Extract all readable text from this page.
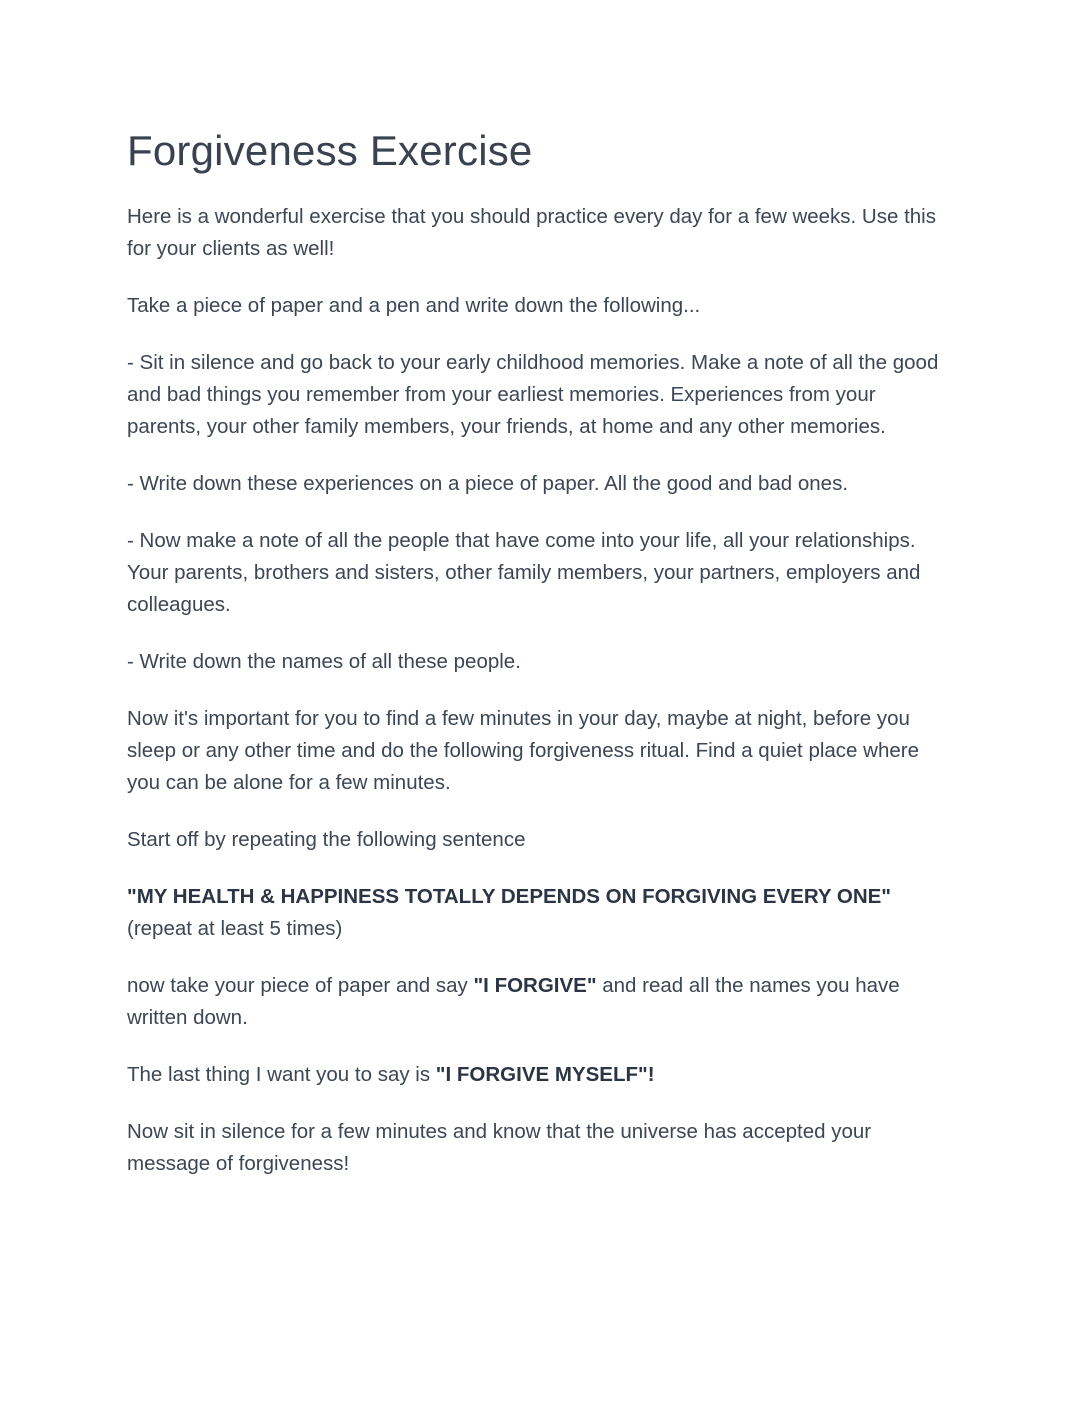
Forgiveness Exercise

Here is a wonderful exercise that you should practice every day for a few weeks. Use this for your clients as well!

Take a piece of paper and a pen and write down the following...

- Sit in silence and go back to your early childhood memories. Make a note of all the good and bad things you remember from your earliest memories. Experiences from your parents, your other family members, your friends, at home and any other memories.

- Write down these experiences on a piece of paper. All the good and bad ones.

- Now make a note of all the people that have come into your life, all your relationships. Your parents, brothers and sisters, other family members, your partners, employers and colleagues.

- Write down the names of all these people.

Now it's important for you to find a few minutes in your day, maybe at night, before you sleep or any other time and do the following forgiveness ritual. Find a quiet place where you can be alone for a few minutes.

Start off by repeating the following sentence

"MY HEALTH & HAPPINESS TOTALLY DEPENDS ON FORGIVING EVERY ONE" (repeat at least 5 times)

now take your piece of paper and say "I FORGIVE" and read all the names you have written down.

The last thing I want you to say is "I FORGIVE MYSELF"!

Now sit in silence for a few minutes and know that the universe has accepted your message of forgiveness!
